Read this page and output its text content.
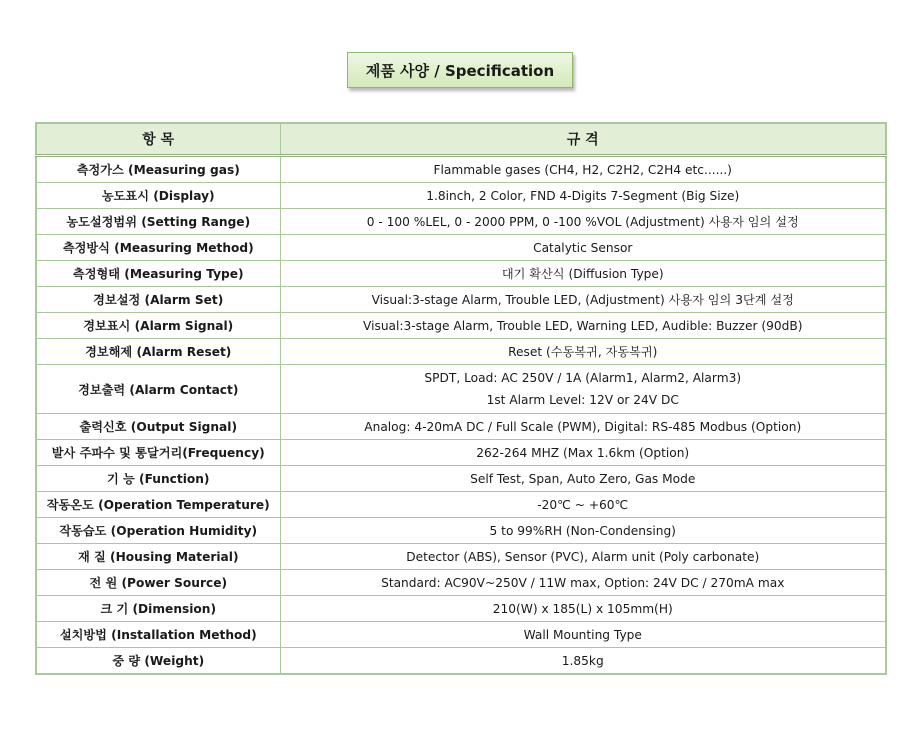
제품 사양 / Specification
항 목	규 격
측정가스 (Measuring gas)	Flammable gases (CH4, H2, C2H2, C2H4 etc......)
농도표시 (Display)	1.8inch, 2 Color, FND 4-Digits 7-Segment (Big Size)
농도설정범위 (Setting Range)	0 - 100 %LEL, 0 - 2000 PPM, 0 -100 %VOL (Adjustment) 사용자 임의 설정
측정방식 (Measuring Method)	Catalytic Sensor
측정형태 (Measuring Type)	대기 확산식 (Diffusion Type)
경보설정 (Alarm Set)	Visual:3-stage Alarm, Trouble LED, (Adjustment) 사용자 임의 3단계 설정
경보표시 (Alarm Signal)	Visual:3-stage Alarm, Trouble LED, Warning LED, Audible: Buzzer (90dB)
경보해제 (Alarm Reset)	Reset (수동복귀, 자동복귀)
경보출력 (Alarm Contact)	SPDT, Load: AC 250V / 1A (Alarm1, Alarm2, Alarm3)
1st Alarm Level: 12V or 24V DC

출력신호 (Output Signal)	Analog: 4-20mA DC / Full Scale (PWM), Digital: RS-485 Modbus (Option)
발사 주파수 및 통달거리(Frequency)	262-264 MHZ (Max 1.6km (Option)
기 능 (Function)	Self Test, Span, Auto Zero, Gas Mode
작동온도 (Operation Temperature)	-20℃ ~ +60℃
작동습도 (Operation Humidity)	5 to 99%RH (Non-Condensing)
재 질 (Housing Material)	Detector (ABS), Sensor (PVC), Alarm unit (Poly carbonate)
전 원 (Power Source)	Standard: AC90V~250V / 11W max, Option: 24V DC / 270mA max
크 기 (Dimension)	210(W) x 185(L) x 105mm(H)
설치방법 (Installation Method)	Wall Mounting Type
중 량 (Weight)	1.85kg
